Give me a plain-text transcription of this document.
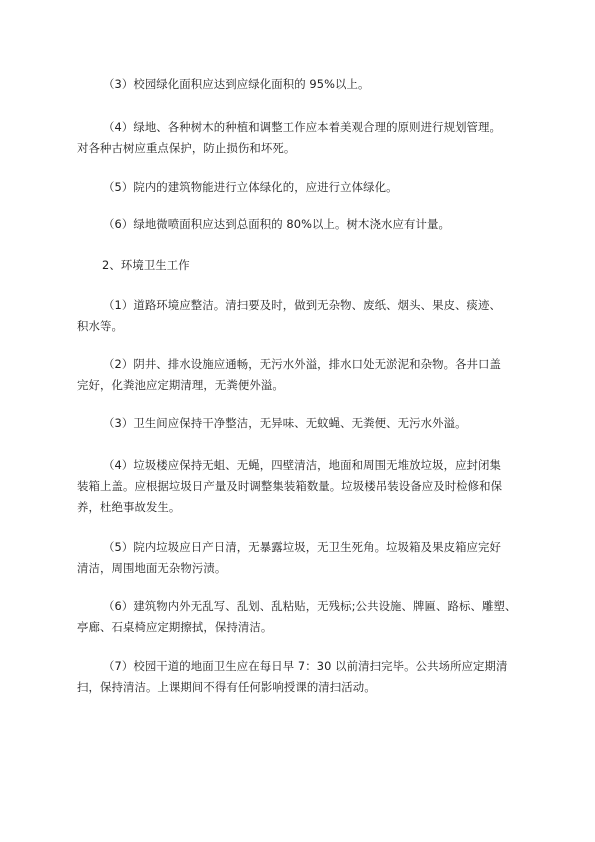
（3）校园绿化面积应达到应绿化面积的 95%以上。
（4）绿地、各种树木的种植和调整工作应本着美观合理的原则进行规划管理。
对各种古树应重点保护，防止损伤和坏死。
（5）院内的建筑物能进行立体绿化的，应进行立体绿化。
（6）绿地微喷面积应达到总面积的 80%以上。树木浇水应有计量。
2、环境卫生工作
（1）道路环境应整洁。清扫要及时，做到无杂物、废纸、烟头、果皮、痰迹、
积水等。
（2）阴井、排水设施应通畅，无污水外溢，排水口处无淤泥和杂物。各井口盖
完好，化粪池应定期清理，无粪便外溢。
（3）卫生间应保持干净整洁，无异味、无蚊蝇、无粪便、无污水外溢。
（4）垃圾楼应保持无蛆、无蝇，四壁清洁，地面和周围无堆放垃圾，应封闭集
装箱上盖。应根据垃圾日产量及时调整集装箱数量。垃圾楼吊装设备应及时检修和保
养，杜绝事故发生。
（5）院内垃圾应日产日清，无暴露垃圾，无卫生死角。垃圾箱及果皮箱应完好
清洁，周围地面无杂物污渍。
（6）建筑物内外无乱写、乱划、乱粘贴，无残标;公共设施、牌匾、路标、雕塑、
亭廊、石桌椅应定期擦拭，保持清洁。
（7）校园干道的地面卫生应在每日早 7：30 以前清扫完毕。公共场所应定期清
扫，保持清洁。上课期间不得有任何影响授课的清扫活动。
